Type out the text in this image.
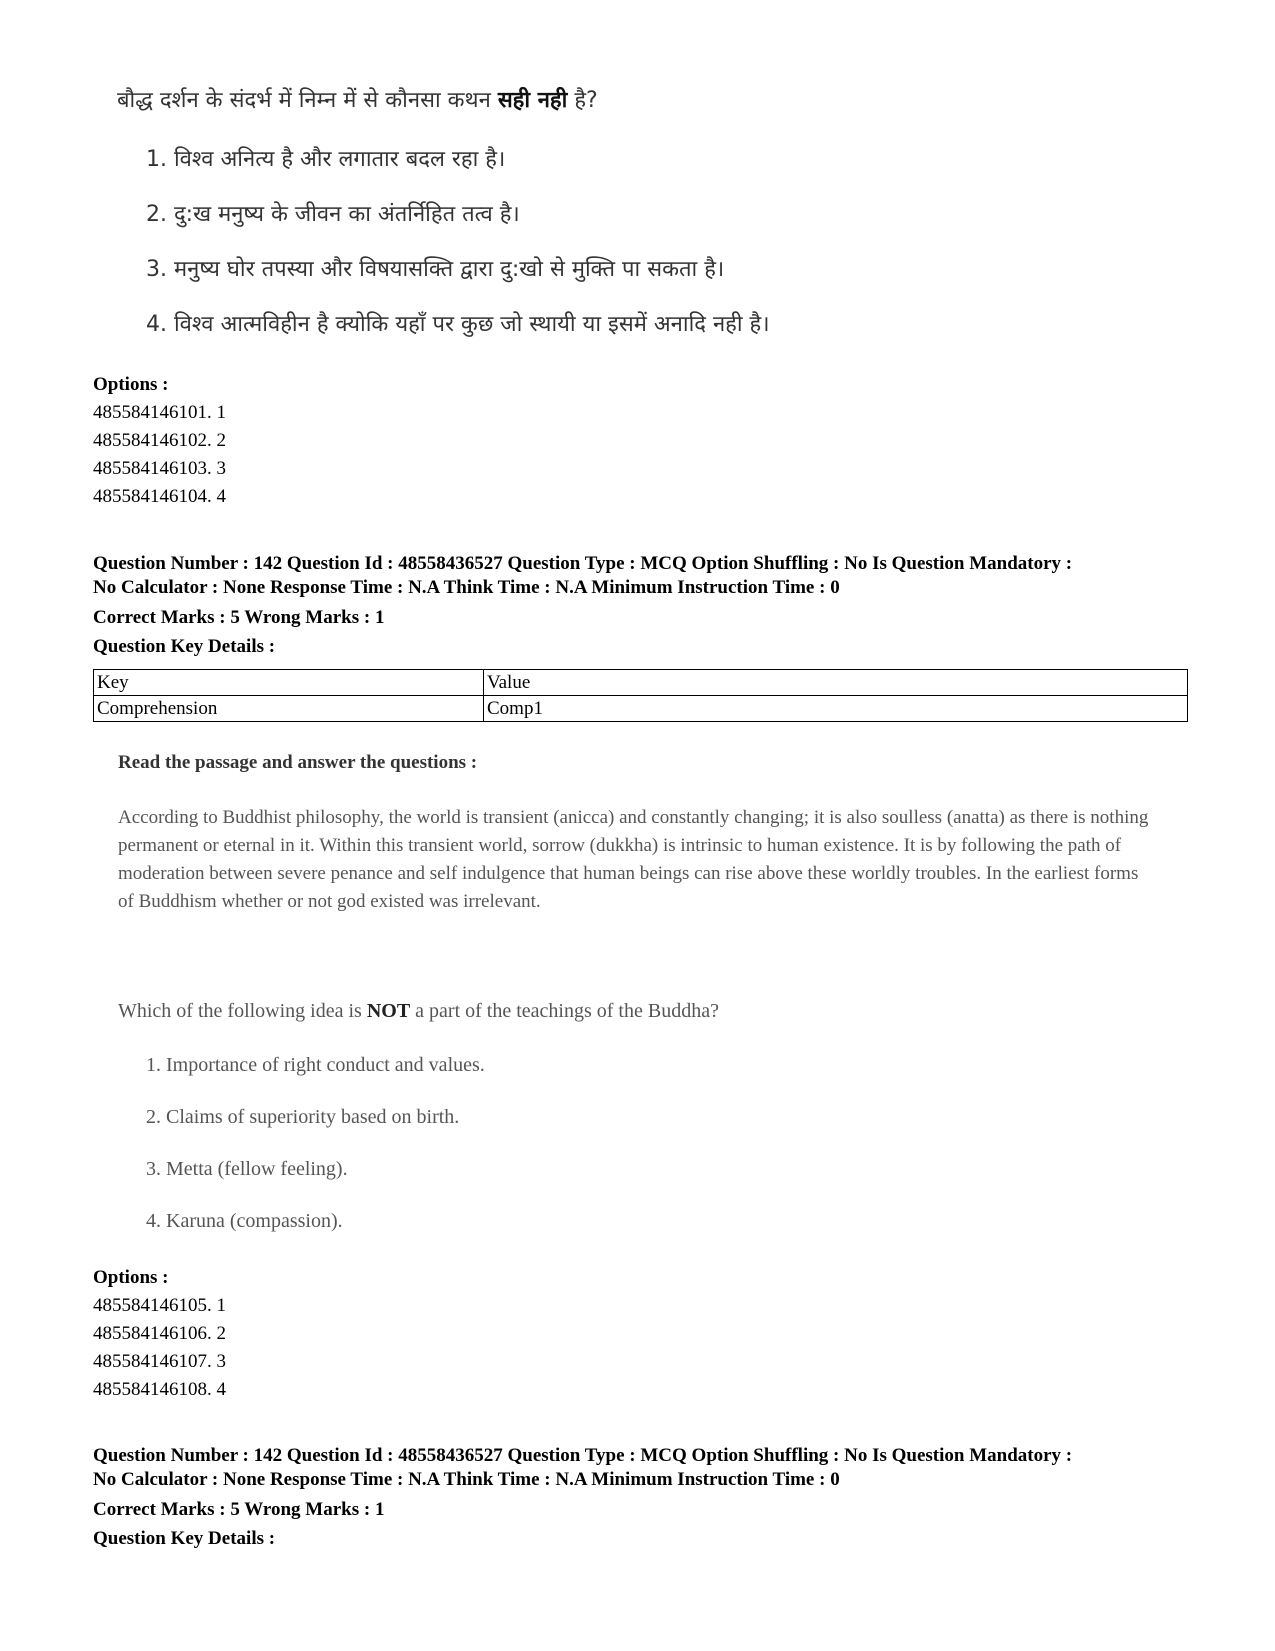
बौद्ध दर्शन के संदर्भ में निम्न में से कौनसा कथन सही नही है?
1. विश्व अनित्य है और लगातार बदल रहा है।
2. दु:ख मनुष्य के जीवन का अंतर्निहित तत्व है।
3. मनुष्य घोर तपस्या और विषयासक्ति द्वारा दु:खो से मुक्ति पा सकता है।
4. विश्व आत्मविहीन है क्योकि यहाँ पर कुछ जो स्थायी या इसमें अनादि नही है।
Options :
485584146101. 1
485584146102. 2
485584146103. 3
485584146104. 4
Question Number : 142 Question Id : 48558436527 Question Type : MCQ Option Shuffling : No Is Question Mandatory :
No Calculator : None Response Time : N.A Think Time : N.A Minimum Instruction Time : 0
Correct Marks : 5 Wrong Marks : 1
Question Key Details :
Key	Value
Comprehension	Comp1
Read the passage and answer the questions :
According to Buddhist philosophy, the world is transient (anicca) and constantly changing; it is also soulless (anatta) as there is nothing permanent or eternal in it. Within this transient world, sorrow (dukkha) is intrinsic to human existence. It is by following the path of moderation between severe penance and self indulgence that human beings can rise above these worldly troubles. In the earliest forms of Buddhism whether or not god existed was irrelevant.
Which of the following idea is NOT a part of the teachings of the Buddha?
1. Importance of right conduct and values.
2. Claims of superiority based on birth.
3. Metta (fellow feeling).
4. Karuna (compassion).
Options :
485584146105. 1
485584146106. 2
485584146107. 3
485584146108. 4
Question Number : 142 Question Id : 48558436527 Question Type : MCQ Option Shuffling : No Is Question Mandatory :
No Calculator : None Response Time : N.A Think Time : N.A Minimum Instruction Time : 0
Correct Marks : 5 Wrong Marks : 1
Question Key Details :
